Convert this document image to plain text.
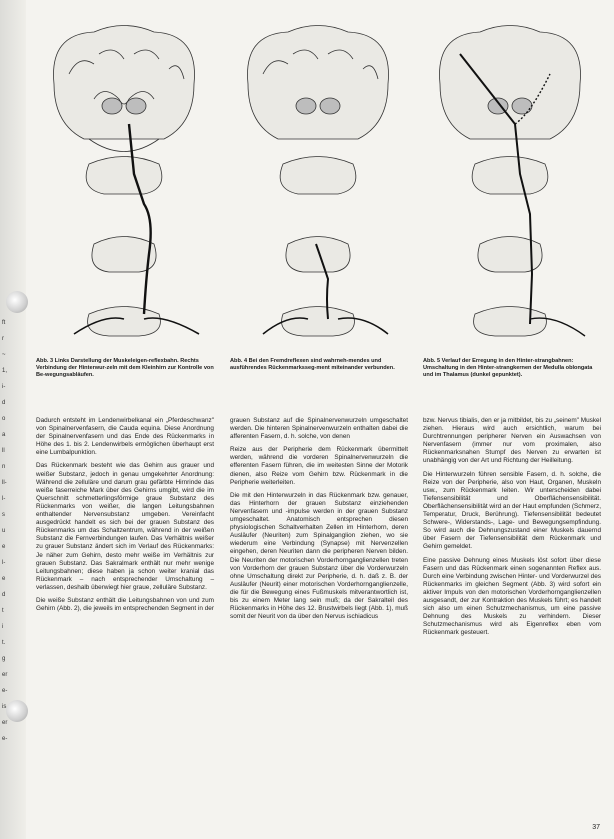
ft
r
~
1,
i-
d
o
a
ll
n
ll-
l-
s
u
e
l-
e
d
t
i
t.
g
er
e-
is
er
e-
Abb. 3 Links Darstellung der Muskeleigen-reflexbahn. Rechts Verbindung der Hinterwur-zeln mit dem Kleinhirn zur Kontrolle von Be-wegungsabläufen.
Abb. 4 Bei den Fremdreflexen sind wahrneh-mendes und ausführendes Rückenmarksseg-ment miteinander verbunden.
Abb. 5 Verlauf der Erregung in den Hinter-strangbahnen: Umschaltung in den Hinter-strangkernen der Medulla oblongata und im Thalamus (dunkel gepunktet).

Dadurch entsteht im Lendenwirbelkanal ein „Pferdeschwanz" von Spinalnervenfasern, die Cauda equina. Diese Anordnung der Spinalnervenfasern und das Ende des Rückenmarks in Höhe des 1. bis 2. Lendenwirbels ermöglichen überhaupt erst eine Lumbalpunktion.

Das Rückenmark besteht wie das Gehirn aus grauer und weißer Substanz, jedoch in genau umgekehrter Anordnung: Während die zelluläre und darum grau gefärbte Hirnrinde das weiße faserreiche Mark über des Gehirns umgibt, wird die im Querschnitt schmetterlingsförmige graue Substanz des Rückenmarks von weißer, die langen Leitungsbahnen enthaltender Nervensubstanz umgeben. Vereinfacht ausgedrückt handelt es sich bei der grauen Substanz des Rückenmarks um das Schaltzentrum, während in der weißen Substanz die Fernverbindungen laufen. Das Verhältnis weißer zu grauer Substanz ändert sich im Verlauf des Rückenmarks: Je näher zum Gehirn, desto mehr weiße im Verhältnis zur grauen Substanz. Das Sakralmark enthält nur mehr wenige Leitungsbahnen; diese haben ja schon weiter kranial das Rückenmark – nach entsprechender Umschaltung – verlassen, deshalb überwiegt hier graue, zelluläre Substanz.

Die weiße Substanz enthält die Leitungsbahnen von und zum Gehirn (Abb. 2), die jeweils im entsprechenden Segment in der

grauen Substanz auf die Spinalnervenwurzeln umgeschaltet werden. Die hinteren Spinalnervenwurzeln enthalten dabei die afferenten Fasern, d. h. solche, von denen

Reize aus der Peripherie dem Rückenmark übermittelt werden, während die vorderen Spinalnervenwurzeln die efferenten Fasern führen, die im weitesten Sinne der Motorik dienen, also Reize vom Gehirn bzw. Rückenmark in die Peripherie weiterleiten.

Die mit den Hinterwurzeln in das Rückenmark bzw. genauer, das Hinterhorn der grauen Substanz einziehenden Nervenfasern und -impulse werden in der grauen Substanz umgeschaltet. Anatomisch entsprechen diesen physiologischen Schaltverhalten Zellen im Hinterhorn, deren Ausläufer (Neuriten) zum Spinalganglion ziehen, wo sie wiederum eine Verbindung (Synapse) mit Nervenzellen eingehen, deren Neuriten dann die peripheren Nerven bilden. Die Neuriten der motorischen Vorderhornganglienzellen treten von Vorderhorn der grauen Substanz über die Vorderwurzeln ohne Umschaltung direkt zur Peripherie, d. h. daß z. B. der Ausläufer (Neurit) einer motorischen Vorderhornganglienzelle, die für die Bewegung eines Fußmuskels mitverantwortlich ist, bis zu einem Meter lang sein muß; da der Sakralteil des Rückenmarks in Höhe des 12. Brustwirbels liegt (Abb. 1), muß somit der Neurit von da über den Nervus ischiadicus

bzw. Nervus tibialis, den er ja mitbildet, bis zu „seinem" Muskel ziehen. Hieraus wird auch ersichtlich, warum bei Durchtrennungen peripherer Nerven ein Auswachsen von Nervenfasern (immer nur vom proximalen, also Rückenmarksnahen Stumpf des Nerven zu erwarten ist unabhängig von der Art und Richtung der Heilleitung.

Die Hinterwurzeln führen sensible Fasern, d. h. solche, die Reize von der Peripherie, also von Haut, Organen, Muskeln usw., zum Rückenmark leiten. Wir unterscheiden dabei Tiefensensibilität und Oberflächensensibilität. Oberflächensensibilität wird an der Haut empfunden (Schmerz, Temperatur, Druck, Berührung). Tiefensensibilität bedeutet Schwere-, Widerstands-, Lage- und Bewegungsempfindung. So wird auch die Dehnungszustand einer Muskels dauernd über Fasern der Tiefensensibilität dem Rückenmark und Gehirn gemeldet.

Eine passive Dehnung eines Muskels löst sofort über diese Fasern und das Rückenmark einen sogenannten Reflex aus. Durch eine Verbindung zwischen Hinter- und Vorderwurzel des Rückenmarks im gleichen Segment (Abb. 3) wird sofort ein aktiver Impuls von den motorischen Vorderhornganglienzellen ausgesandt, der zur Kontraktion des Muskels führt; es handelt sich also um einen Schutzmechanismus, um eine passive Dehnung des Muskels zu verhindern. Dieser Schutzmechanismus wird als Eigenreflex eben vom Rückenmark gesteuert.

37
